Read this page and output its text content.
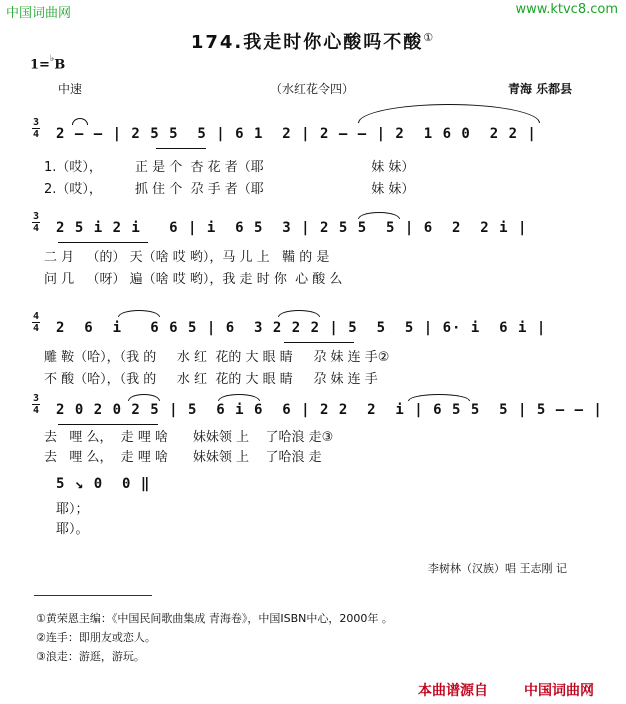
中国词曲网	www.ktvc8.com
174.我走时你心酸吗不酸①
1=♭B
中速	（水红花令四）	青海 乐都县

3
4

2 — — | 2 5 5  5 | 6 1  2 | 2 — — | 2  1 6 0  2 2 |

1.（哎），        正 是 个  杏 花 者（耶                          妹 妹）
2.（哎），        抓 住 个  尕 手 者（耶                          妹 妹）

3
4

2 5 i 2 i   6 | i  6 5  3 | 2 5 5  5 | 6  2  2 i |

二 月   （的） 天（啥 哎 哟），马 儿 上   鞴 的 是
问 几   （呀） 遍（啥 哎 哟），我 走 时 你  心 酸 么

4
4

2  6  i   6 6 5 | 6  3 2 2 2 | 5  5  5 | 6· i  6 i |

雕 鞍（哈），（我 的     水 红  花的 大 眼 睛     尕 妹 连 手②
不 酸（哈），（我 的     水 红  花的 大 眼 睛     尕 妹 连 手

3
4

2 0 2 0 2 5 | 5  6 i 6  6 | 2 2  2  i | 6 5 5  5 | 5 — — |

去   哩 么，  走 哩 啥      妹妹领 上    了哈浪 走③
去   哩 么，  走 哩 啥      妹妹领 上    了哈浪 走

5 ↘ 0  0 ‖

耶）；
耶）。
李树林（汉族）唱 王志刚 记
①黄荣恩主编：《中国民间歌曲集成 青海卷》，中国ISBN中心，2000年 。
②连手：即朋友或恋人。
③浪走：游逛，游玩。
本曲谱源自	中国词曲网
